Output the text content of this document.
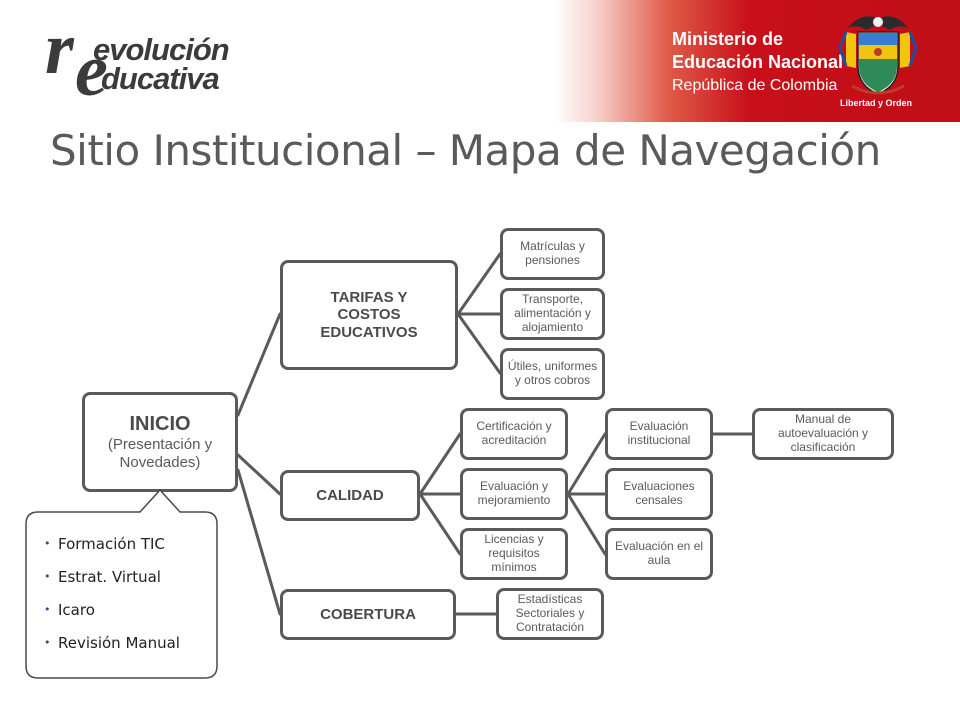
r e
evolución
ducativa
Ministerio de
Educación Nacional
República de Colombia
Libertad y Orden
Sitio Institucional – Mapa de Navegación
INICIO
(Presentación y
Novedades)
TARIFAS Y COSTOS EDUCATIVOS
CALIDAD
COBERTURA
Matrículas y pensiones
Transporte, alimentación y alojamiento
Útiles, uniformes y otros cobros
Certificación y acreditación
Evaluación y mejoramiento
Licencias y requisitos mínimos
Evaluación institucional
Evaluaciones censales
Evaluación en el aula
Manual de autoevaluación y clasificación
Estadísticas Sectoriales y Contratación
• Formación TIC
• Estrat. Virtual
• Icaro
• Revisión Manual
